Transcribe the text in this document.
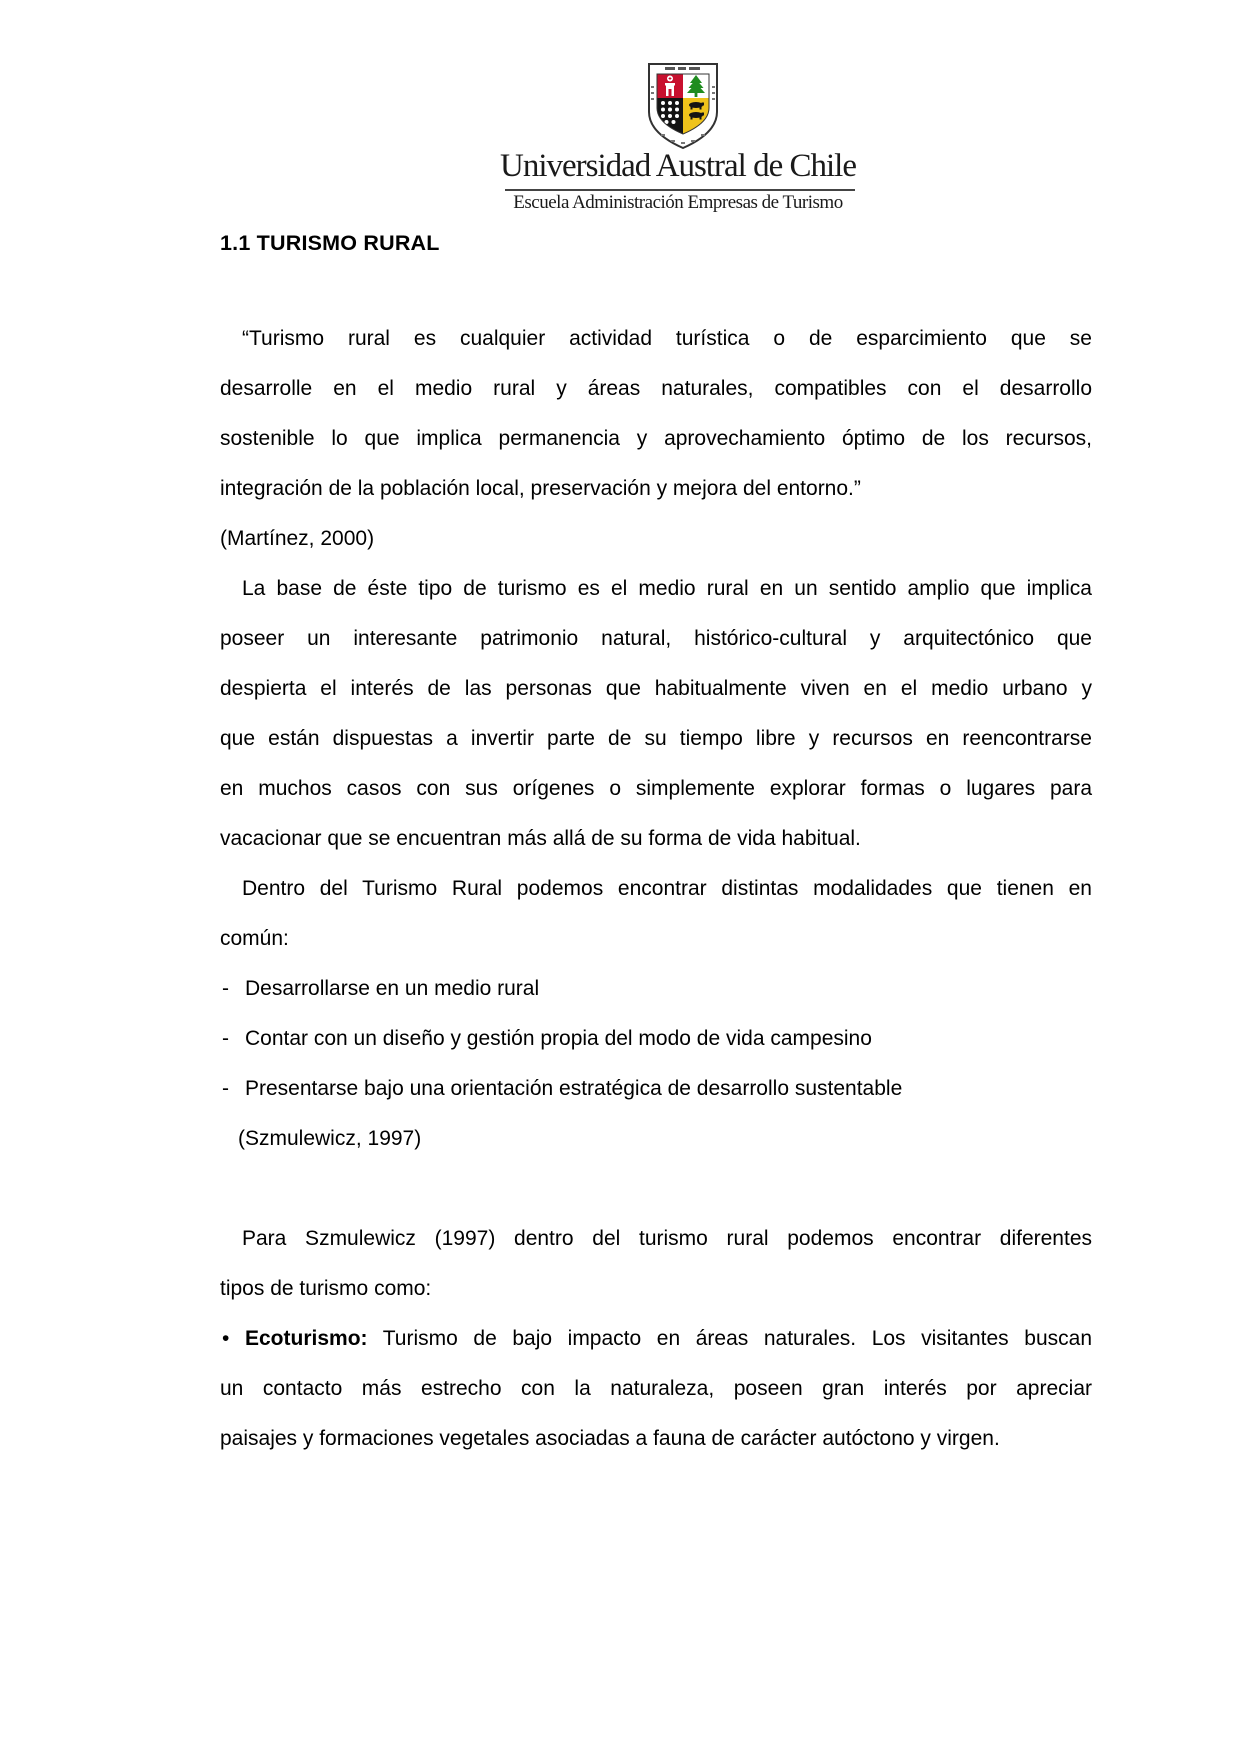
Universidad Austral de Chile
Escuela Administración Empresas de Turismo
1.1 TURISMO RURAL
“Turismo rural es cualquier actividad turística o de esparcimiento que se
desarrolle en el medio rural y áreas naturales, compatibles con el desarrollo
sostenible lo que implica permanencia y aprovechamiento óptimo de los recursos,
integración de la población local, preservación y mejora del entorno.”
(Martínez, 2000)
La base de éste tipo de turismo es el medio rural en un sentido amplio que implica
poseer un interesante patrimonio natural, histórico-cultural y arquitectónico que
despierta el interés de las personas que habitualmente viven en el medio urbano y
que están dispuestas a invertir parte de su tiempo libre y recursos en reencontrarse
en muchos casos con sus orígenes o simplemente explorar formas o lugares para
vacacionar que se encuentran más allá de su forma de vida habitual.
Dentro del Turismo Rural podemos encontrar distintas modalidades que tienen en
común:
- Desarrollarse en un medio rural
- Contar con un diseño y gestión propia del modo de vida campesino
- Presentarse bajo una orientación estratégica de desarrollo sustentable
(Szmulewicz, 1997)
Para Szmulewicz (1997) dentro del turismo rural podemos encontrar diferentes
tipos de turismo como:
• Ecoturismo: Turismo de bajo impacto en áreas naturales. Los visitantes buscan
un contacto más estrecho con la naturaleza, poseen gran interés por apreciar
paisajes y formaciones vegetales asociadas a fauna de carácter autóctono y virgen.
